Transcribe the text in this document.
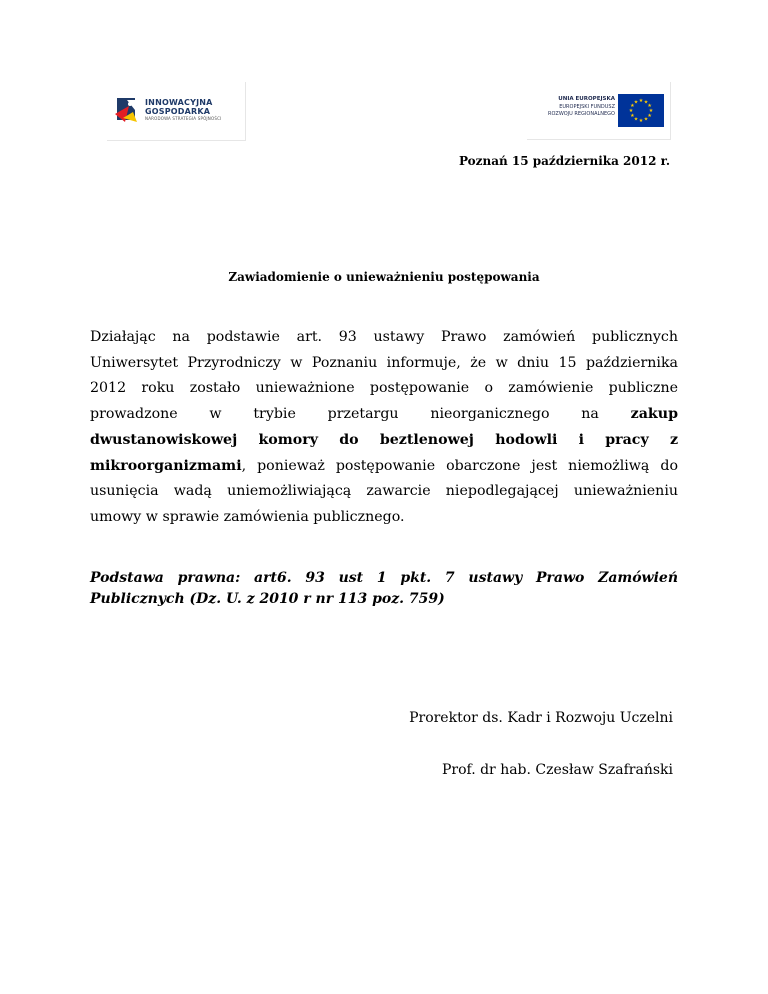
INNOWACYJNA
GOSPODARKA
NARODOWA STRATEGIA SPÓJNOŚCI
UNIA EUROPEJSKA
EUROPEJSKI FUNDUSZ
ROZWOJU REGIONALNEGO
★ ★
★
★
★
★
★
★
★
★
★
★
Poznań 15 października 2012 r.
Zawiadomienie o unieważnieniu postępowania
Działając na podstawie art. 93 ustawy Prawo zamówień publicznych
Uniwersytet Przyrodniczy w Poznaniu informuje, że w dniu 15 października
2012 roku zostało unieważnione postępowanie o zamówienie publiczne
prowadzone w trybie przetargu nieorganicznego na zakup
dwustanowiskowej komory do beztlenowej hodowli i pracy z
mikroorganizmami, ponieważ postępowanie obarczone jest niemożliwą do
usunięcia wadą uniemożliwiającą zawarcie niepodlegającej unieważnieniu
umowy w sprawie zamówienia publicznego.
Podstawa prawna: art6. 93 ust 1 pkt. 7 ustawy Prawo Zamówień
Publicznych (Dz. U. z 2010 r nr 113 poz. 759)
Prorektor ds. Kadr i Rozwoju Uczelni
Prof. dr hab. Czesław Szafrański
